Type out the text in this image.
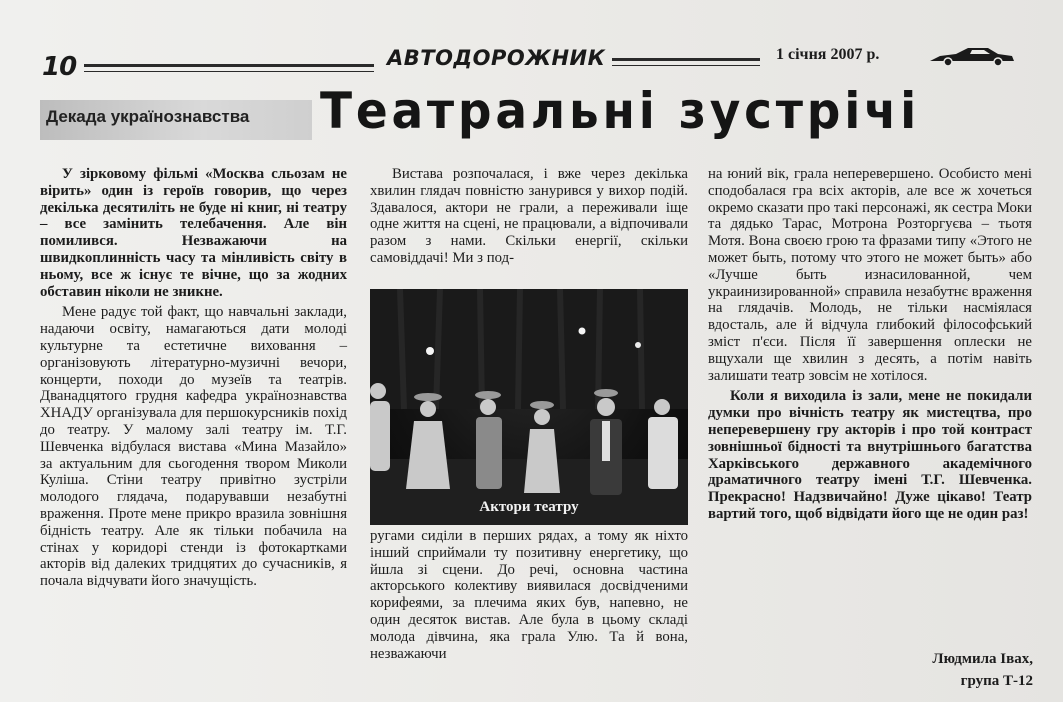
10	АВТОДОРОЖНИК	1 січня 2007 р.
Декада українознавства Театральні зустрічі

У зірковому фільмі «Москва сльозам не вірить» один із героїв говорив, що через декілька десятиліть не буде ні книг, ні театру – все замінить телебачення. Але він помилився. Незважаючи на швидкоплинність часу та мінливість світу в ньому, все ж існує те вічне, що за жодних обставин ніколи не зникне.

Мене радує той факт, що навчальні заклади, надаючи освіту, намагаються дати молоді культурне та естетичне виховання – організовують літературно-музичні вечори, концерти, походи до музеїв та театрів. Дванадцятого грудня кафедра українознавства ХНАДУ організувала для першокурсників похід до театру. У малому залі театру ім. Т.Г. Шевченка відбулася вистава «Мина Мазайло» за актуальним для сьогодення твором Миколи Куліша. Стіни театру привітно зустріли молодого глядача, подарувавши незабутні враження. Проте мене прикро вразила зовнішня бідність театру. Але як тільки побачила на стінах у коридорі стенди із фотокартками акторів від далеких тридцятих до сучасників, я почала відчувати його значущість.

Вистава розпочалася, і вже через декілька хвилин глядач повністю занурився у вихор подій. Здавалося, актори не грали, а переживали іще одне життя на сцені, не працювали, а відпочивали разом з нами. Скільки енергії, скільки самовіддачі! Ми з под-

Актори театру

ругами сиділи в перших рядах, а тому як ніхто інший сприймали ту позитивну енергетику, що йшла зі сцени. До речі, основна частина акторського колективу виявилася досвідченими корифеями, за плечима яких був, напевно, не один десяток вистав. Але була в цьому складі молода дівчина, яка грала Улю. Та й вона, незважаючи

на юний вік, грала неперевершено. Особисто мені сподобалася гра всіх акторів, але все ж хочеться окремо сказати про такі персонажі, як сестра Моки та дядько Тарас, Мотрона Розторгуєва – тьотя Мотя. Вона своєю грою та фразами типу «Этого не может быть, потому что этого не может быть» або «Лучше быть изнасилованной, чем украинизированной» справила незабутнє враження на глядачів. Молодь, не тільки насміялася вдосталь, але й відчула глибокий філософський зміст п'єси. Після її завершення оплески не вщухали ще хвилин з десять, а потім навіть залишати театр зовсім не хотілося.

Коли я виходила із зали, мене не покидали думки про вічність театру як мистецтва, про неперевершену гру акторів і про той контраст зовнішньої бідності та внутрішнього багатства Харківського державного академічного драматичного театру імені Т.Г. Шевченка. Прекрасно! Надзвичайно! Дуже цікаво! Театр вартий того, щоб відвідати його ще не один раз!

Людмила Івах,
група Т-12
